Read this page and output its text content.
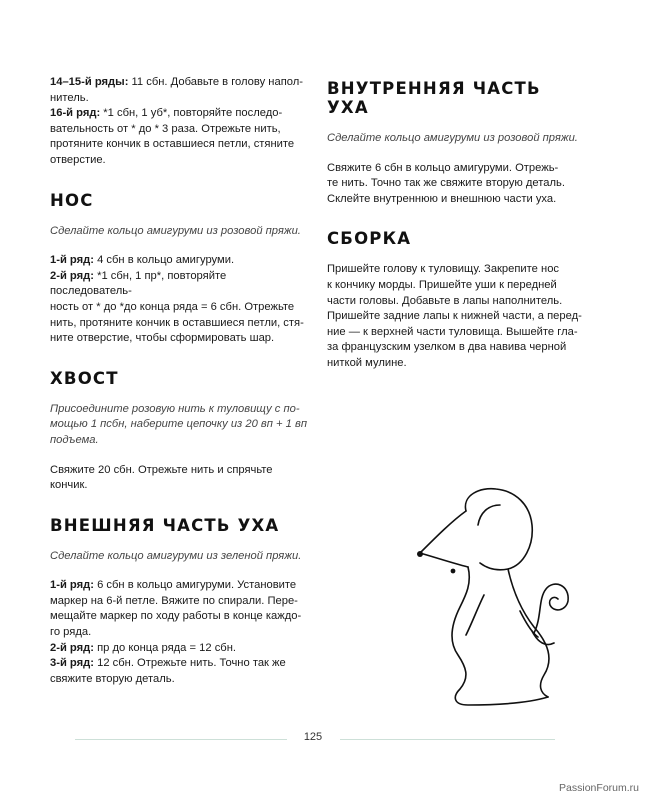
14–15-й ряды: 11 сбн. Добавьте в голову напол-

нитель.

16-й ряд: *1 сбн, 1 уб*, повторяйте последо-

вательность от * до * 3 раза. Отрежьте нить,

протяните кончик в оставшиеся петли, стяните

отверстие.

НОС

Сделайте кольцо амигуруми из розовой пряжи.

1-й ряд: 4 сбн в кольцо амигуруми.

2-й ряд: *1 сбн, 1 пр*, повторяйте последователь-

ность от * до *до конца ряда = 6 сбн. Отрежьте

нить, протяните кончик в оставшиеся петли, стя-

ните отверстие, чтобы сформировать шар.

ХВОСТ

Присоедините розовую нить к туловищу с по-

мощью 1 псбн, наберите цепочку из 20 вп + 1 вп

подъема.

Свяжите 20 сбн. Отрежьте нить и спрячьте

кончик.

ВНЕШНЯЯ ЧАСТЬ УХА

Сделайте кольцо амигуруми из зеленой пряжи.

1-й ряд: 6 сбн в кольцо амигуруми. Установите

маркер на 6-й петле. Вяжите по спирали. Пере-

мещайте маркер по ходу работы в конце каждо-

го ряда.

2-й ряд: пр до конца ряда = 12 сбн.

3-й ряд: 12 сбн. Отрежьте нить. Точно так же

свяжите вторую деталь.

ВНУТРЕННЯЯ ЧАСТЬ УХА

Сделайте кольцо амигуруми из розовой пряжи.

Свяжите 6 сбн в кольцо амигуруми. Отрежь-

те нить. Точно так же свяжите вторую деталь.

Склейте внутреннюю и внешнюю части уха.

СБОРКА

Пришейте голову к туловищу. Закрепите нос

к кончику морды. Пришейте уши к передней

части головы. Добавьте в лапы наполнитель.

Пришейте задние лапы к нижней части, а перед-

ние — к верхней части туловища. Вышейте гла-

за французским узелком в два навива черной

ниткой мулине.

125
PassionForum.ru
